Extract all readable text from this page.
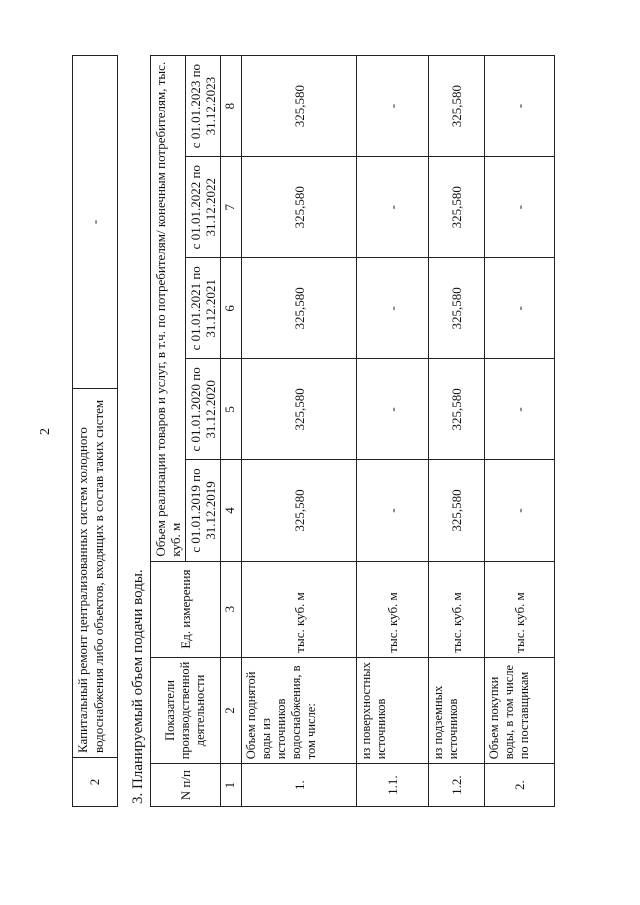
2
2	Капитальный ремонт централизованных систем холодного водоснабжения либо объектов, входящих в состав таких систем	-
3. Планируемый объем подачи воды. N п/п	Показатели производственной деятельности	Ед. измерения	Объем реализации товаров и услуг, в т.ч. по потребителям/ конечным потребителям, тыс. куб. м				
			с 01.01.2019 по 31.12.2019	с 01.01.2020 по 31.12.2020	с 01.01.2021 по 31.12.2021	с 01.01.2022 по 31.12.2022	с 01.01.2023 по 31.12.2023
1	2	3	4	5	6	7	8
1.	Объем поднятой воды из источников водоснабжения, в том числе:	тыс. куб. м	325,580	325,580	325,580	325,580	325,580
1.1.	из поверхностных источников	тыс. куб. м	-	-	-	-	-
1.2.	из подземных источников	тыс. куб. м	325,580	325,580	325,580	325,580	325,580
2.	Объем покупки воды, в том числе по поставщикам	тыс. куб. м	-	-	-	-	-
